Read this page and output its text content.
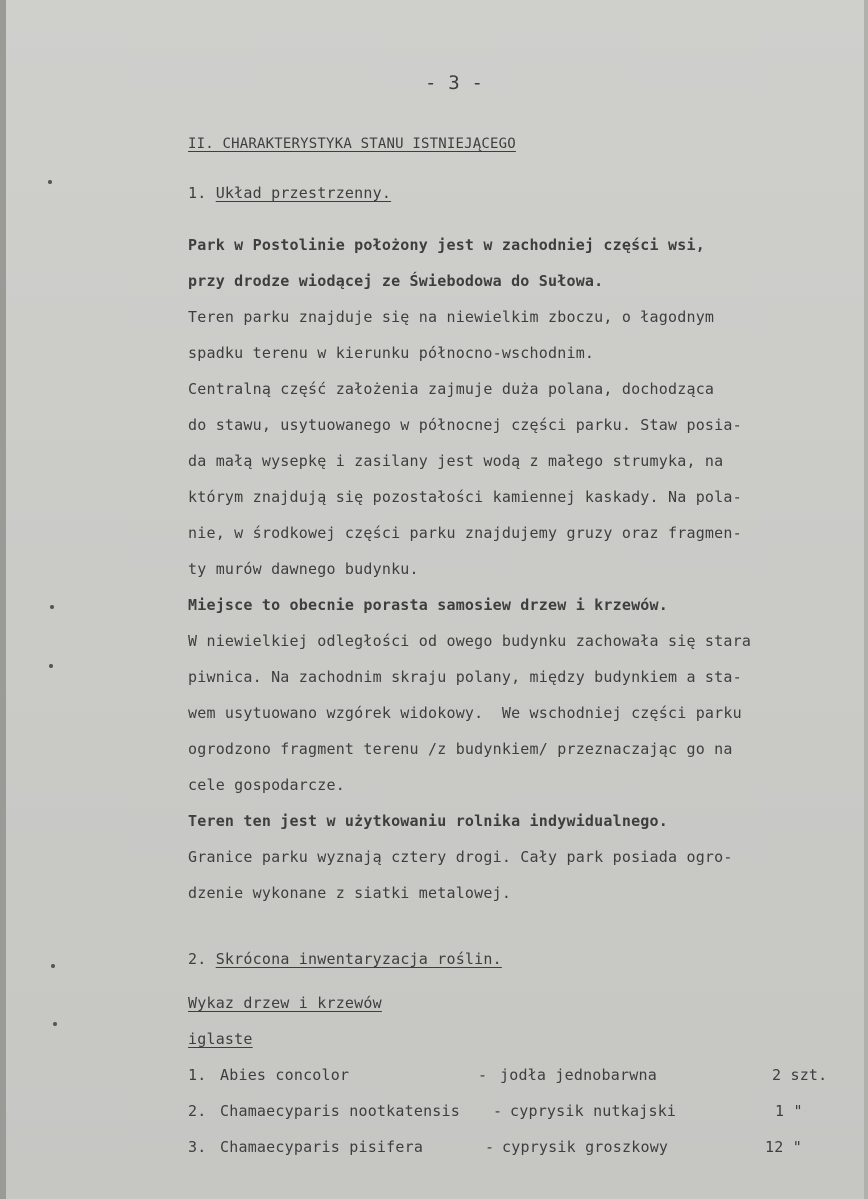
- 3 -
II. CHARAKTERYSTYKA STANU ISTNIEJĄCEGO
1. Układ przestrzenny.
Park w Postolinie położony jest w zachodniej części wsi,
przy drodze wiodącej ze Świebodowa do Sułowa.
Teren parku znajduje się na niewielkim zboczu, o łagodnym
spadku terenu w kierunku północno-wschodnim.
Centralną część założenia zajmuje duża polana, dochodząca
do stawu, usytuowanego w północnej części parku. Staw posia-
da małą wysepkę i zasilany jest wodą z małego strumyka, na
którym znajdują się pozostałości kamiennej kaskady. Na pola-
nie, w środkowej części parku znajdujemy gruzy oraz fragmen-
ty murów dawnego budynku.
Miejsce to obecnie porasta samosiew drzew i krzewów.
W niewielkiej odległości od owego budynku zachowała się stara
piwnica. Na zachodnim skraju polany, między budynkiem a sta-
wem usytuowano wzgórek widokowy.  We wschodniej części parku
ogrodzono fragment terenu /z budynkiem/ przeznaczając go na
cele gospodarcze.
Teren ten jest w użytkowaniu rolnika indywidualnego.
Granice parku wyznają cztery drogi. Cały park posiada ogro-
dzenie wykonane z siatki metalowej.
2. Skrócona inwentaryzacja roślin.
Wykaz drzew i krzewów
iglaste
1. Abies concolor	- jodła jednobarwna	2 szt.
2. Chamaecyparis nootkatensis - cyprysik nutkajski	1 "
3. Chamaecyparis pisifera	- cyprysik groszkowy	12 "
